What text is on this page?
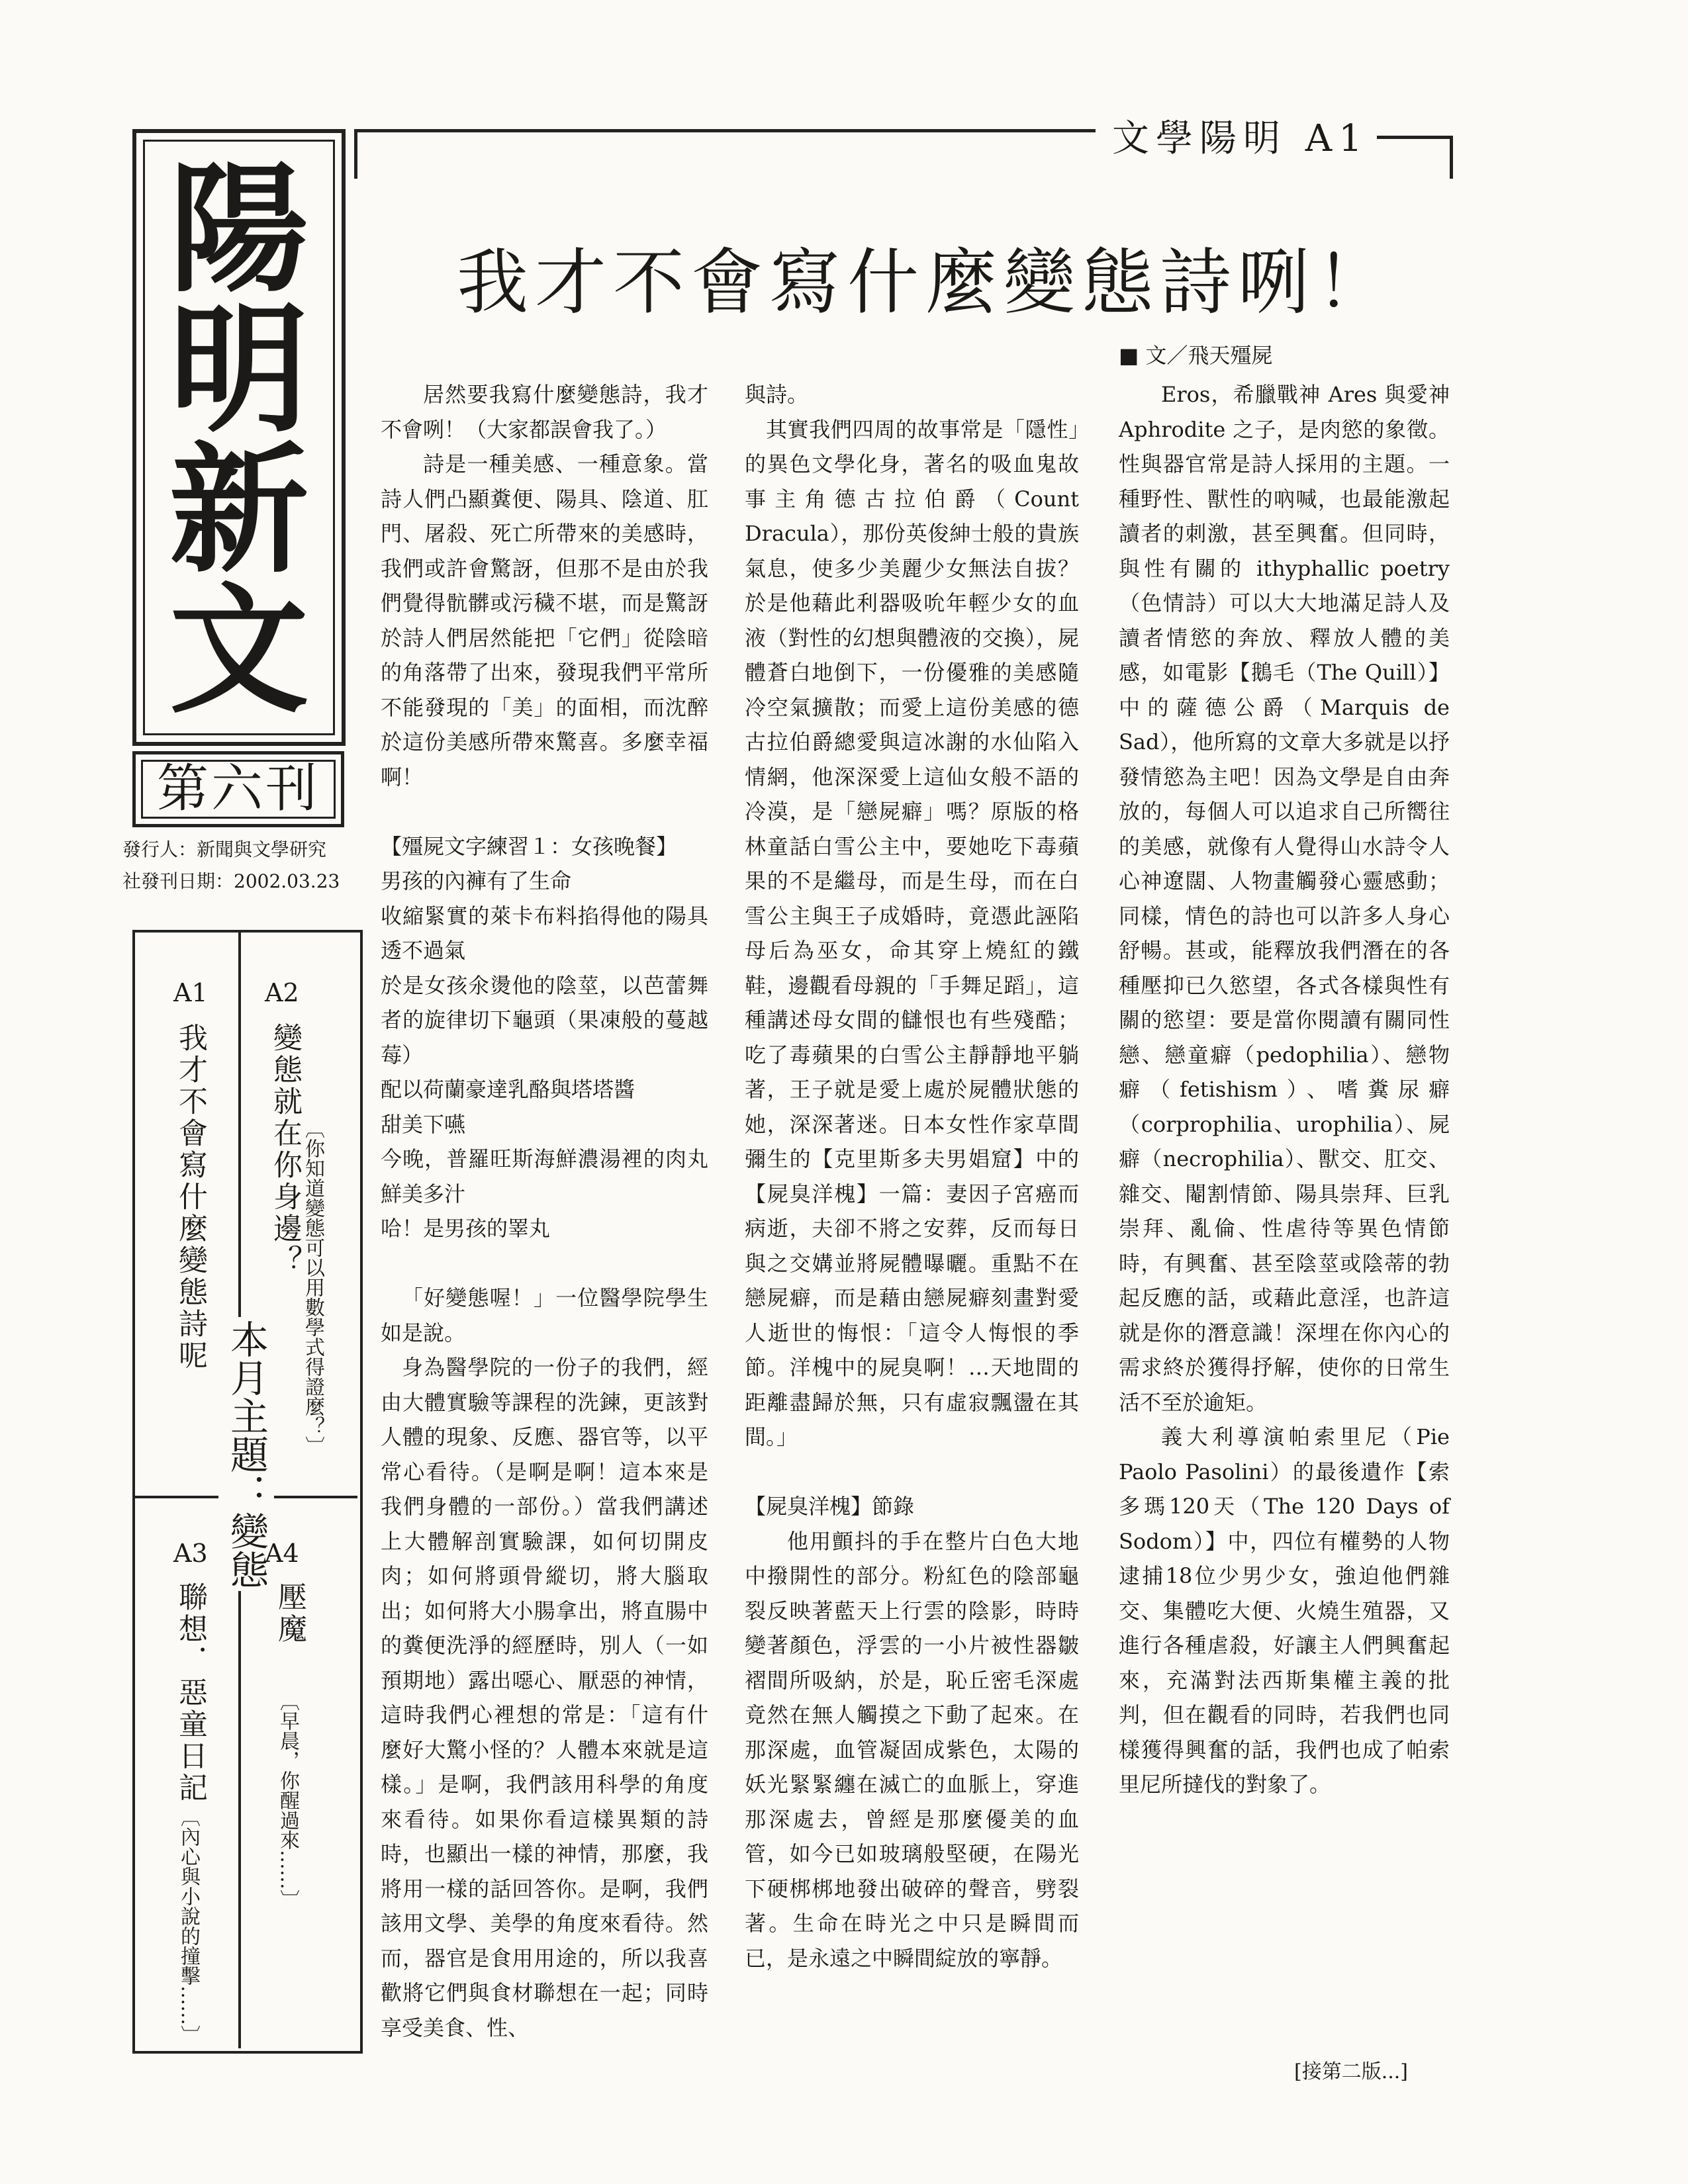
文學陽明 A1
陽明新文
第六刊
發行人：新聞與文學研究
社發刊日期：2002.03.23
A1
我才不會寫什麼變態詩呢
A2
變態就在你身邊？ 〔你知道變態可以用數學式得證麼？〕
本月主題：變態
A3
聯想．惡童日記
〔內心與小說的撞擊……〕
A4
壓魔
〔早晨，你醒過來……〕
我才不會寫什麼變態詩咧！
■ 文／飛天殭屍

居然要我寫什麼變態詩，我才不會咧！（大家都誤會我了。）

詩是一種美感、一種意象。當詩人們凸顯糞便、陽具、陰道、肛門、屠殺、死亡所帶來的美感時，我們或許會驚訝，但那不是由於我們覺得骯髒或污穢不堪，而是驚訝於詩人們居然能把「它們」從陰暗的角落帶了出來，發現我們平常所不能發現的「美」的面相，而沈醉於這份美感所帶來驚喜。多麼幸福啊！

【殭屍文字練習１：女孩晚餐】

男孩的內褲有了生命

收縮緊實的萊卡布料掐得他的陽具透不過氣

於是女孩氽燙他的陰莖，以芭蕾舞者的旋律切下龜頭（果凍般的蔓越莓）

配以荷蘭豪達乳酪與塔塔醬

甜美下嚥

今晚，普羅旺斯海鮮濃湯裡的肉丸鮮美多汁

哈！是男孩的睪丸

「好變態喔！」一位醫學院學生如是說。

身為醫學院的一份子的我們，經由大體實驗等課程的洗鍊，更該對人體的現象、反應、器官等，以平常心看待。（是啊是啊！這本來是我們身體的一部份。）當我們講述上大體解剖實驗課，如何切開皮肉；如何將頭骨縱切，將大腦取出；如何將大小腸拿出，將直腸中的糞便洗淨的經歷時，別人（一如預期地）露出噁心、厭惡的神情，這時我們心裡想的常是：「這有什麼好大驚小怪的？人體本來就是這樣。」是啊，我們該用科學的角度來看待。如果你看這樣異類的詩時，也顯出一樣的神情，那麼，我將用一樣的話回答你。是啊，我們該用文學、美學的角度來看待。然而，器官是食用用途的，所以我喜歡將它們與食材聯想在一起；同時享受美食、性、

與詩。

其實我們四周的故事常是「隱性」的異色文學化身，著名的吸血鬼故事主角德古拉伯爵（Count Dracula），那份英俊紳士般的貴族氣息，使多少美麗少女無法自拔？於是他藉此利器吸吮年輕少女的血液（對性的幻想與體液的交換），屍體蒼白地倒下，一份優雅的美感隨冷空氣擴散；而愛上這份美感的德古拉伯爵總愛與這冰謝的水仙陷入情網，他深深愛上這仙女般不語的冷漠，是「戀屍癖」嗎？原版的格林童話白雪公主中，要她吃下毒蘋果的不是繼母，而是生母，而在白雪公主與王子成婚時，竟憑此誣陷母后為巫女，命其穿上燒紅的鐵鞋，邊觀看母親的「手舞足蹈」，這種講述母女間的讎恨也有些殘酷；吃了毒蘋果的白雪公主靜靜地平躺著，王子就是愛上處於屍體狀態的她，深深著迷。日本女性作家草間彌生的【克里斯多夫男娼窟】中的【屍臭洋槐】一篇：妻因子宮癌而病逝，夫卻不將之安葬，反而每日與之交媾並將屍體曝曬。重點不在戀屍癖，而是藉由戀屍癖刻畫對愛人逝世的悔恨：「這令人悔恨的季節。洋槐中的屍臭啊！…天地間的距離盡歸於無，只有虛寂飄盪在其間。」

【屍臭洋槐】節錄

他用顫抖的手在整片白色大地中撥開性的部分。粉紅色的陰部龜裂反映著藍天上行雲的陰影，時時變著顏色，浮雲的一小片被性器皺褶間所吸納，於是，恥丘密毛深處竟然在無人觸摸之下動了起來。在那深處，血管凝固成紫色，太陽的妖光緊緊纏在滅亡的血脈上，穿進那深處去，曾經是那麼優美的血管，如今已如玻璃般堅硬，在陽光下硬梆梆地發出破碎的聲音，劈裂著。生命在時光之中只是瞬間而已，是永遠之中瞬間綻放的寧靜。

Eros，希臘戰神 Ares 與愛神 Aphrodite 之子，是肉慾的象徵。性與器官常是詩人採用的主題。一種野性、獸性的吶喊，也最能激起讀者的刺激，甚至興奮。但同時，與性有關的 ithyphallic poetry（色情詩）可以大大地滿足詩人及讀者情慾的奔放、釋放人體的美感，如電影【鵝毛（The Quill）】中的薩德公爵（Marquis de Sad），他所寫的文章大多就是以抒發情慾為主吧！因為文學是自由奔放的，每個人可以追求自己所嚮往的美感，就像有人覺得山水詩令人心神遼闊、人物畫觸發心靈感動；同樣，情色的詩也可以許多人身心舒暢。甚或，能釋放我們潛在的各種壓抑已久慾望，各式各樣與性有關的慾望：要是當你閱讀有關同性戀、戀童癖（pedophilia）、戀物癖（fetishism）、嗜糞尿癖（corprophilia、urophilia）、屍癖（necrophilia）、獸交、肛交、雜交、閹割情節、陽具崇拜、巨乳崇拜、亂倫、性虐待等異色情節時，有興奮、甚至陰莖或陰蒂的勃起反應的話，或藉此意淫，也許這就是你的潛意識！深埋在你內心的需求終於獲得抒解，使你的日常生活不至於逾矩。

義大利導演帕索里尼（Pie Paolo Pasolini）的最後遺作【索多瑪120天（The 120 Days of Sodom）】中，四位有權勢的人物逮捕18位少男少女，強迫他們雜交、集體吃大便、火燒生殖器，又進行各種虐殺，好讓主人們興奮起來，充滿對法西斯集權主義的批判，但在觀看的同時，若我們也同樣獲得興奮的話，我們也成了帕索里尼所撻伐的對象了。

[接第二版...]
